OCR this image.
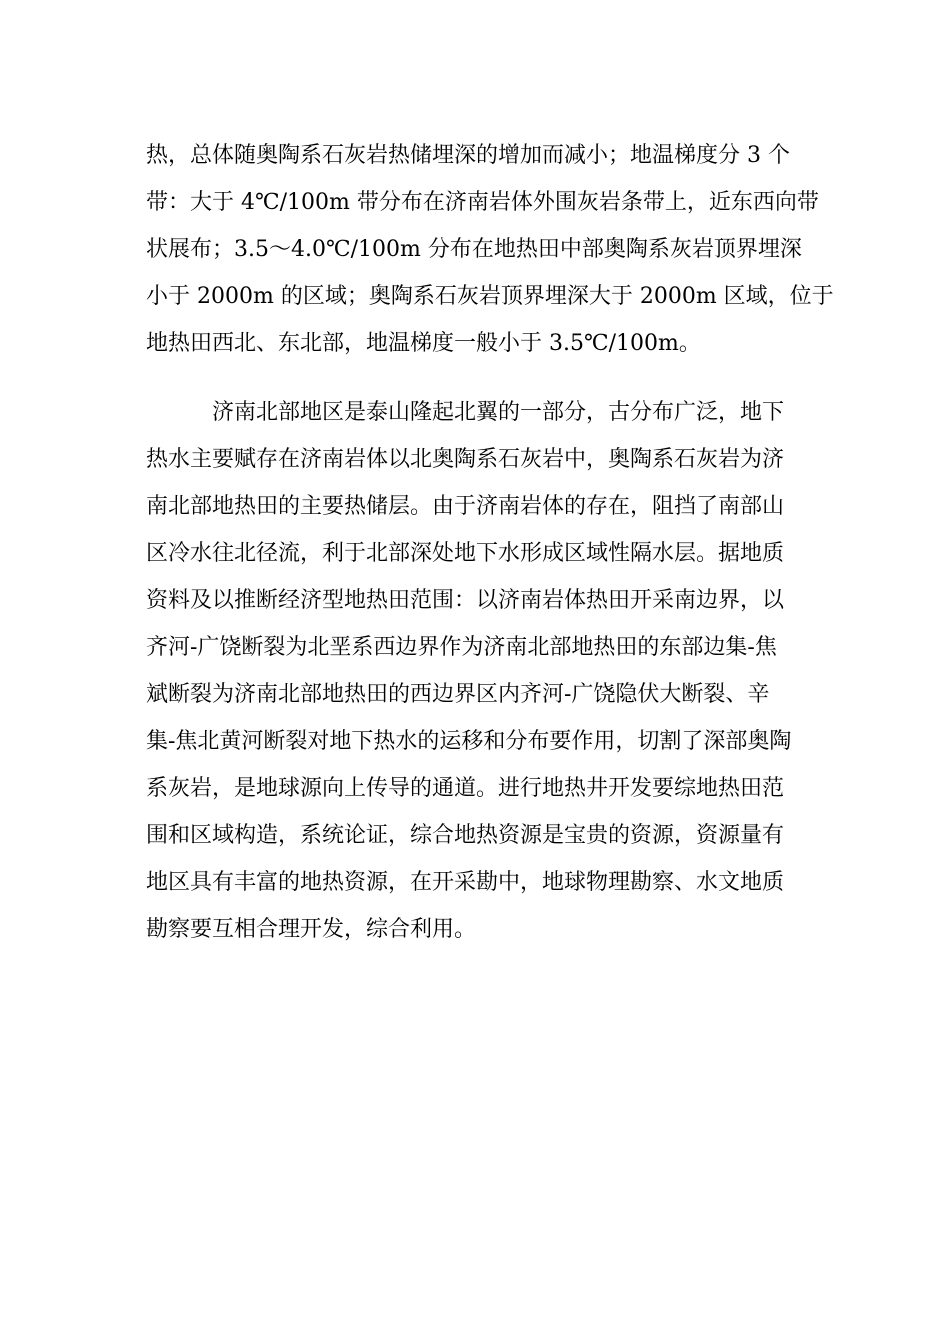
热，总体随奥陶系石灰岩热储埋深的增加而减小；地温梯度分 3 个
带：大于 4℃/100m 带分布在济南岩体外围灰岩条带上，近东西向带
状展布；3.5～4.0℃/100m 分布在地热田中部奥陶系灰岩顶界埋深
小于 2000m 的区域；奥陶系石灰岩顶界埋深大于 2000m 区域，位于
地热田西北、东北部，地温梯度一般小于 3.5℃/100m。
济南北部地区是泰山隆起北翼的一部分，古分布广泛，地下
热水主要赋存在济南岩体以北奥陶系石灰岩中，奥陶系石灰岩为济
南北部地热田的主要热储层。由于济南岩体的存在，阻挡了南部山
区冷水往北径流，利于北部深处地下水形成区域性隔水层。据地质
资料及以推断经济型地热田范围：以济南岩体热田开采南边界，以
齐河-广饶断裂为北垩系西边界作为济南北部地热田的东部边集-焦
斌断裂为济南北部地热田的西边界区内齐河-广饶隐伏大断裂、辛
集-焦北黄河断裂对地下热水的运移和分布要作用，切割了深部奥陶
系灰岩，是地球源向上传导的通道。进行地热井开发要综地热田范
围和区域构造，系统论证，综合地热资源是宝贵的资源，资源量有
地区具有丰富的地热资源，在开采勘中，地球物理勘察、水文地质
勘察要互相合理开发，综合利用。
